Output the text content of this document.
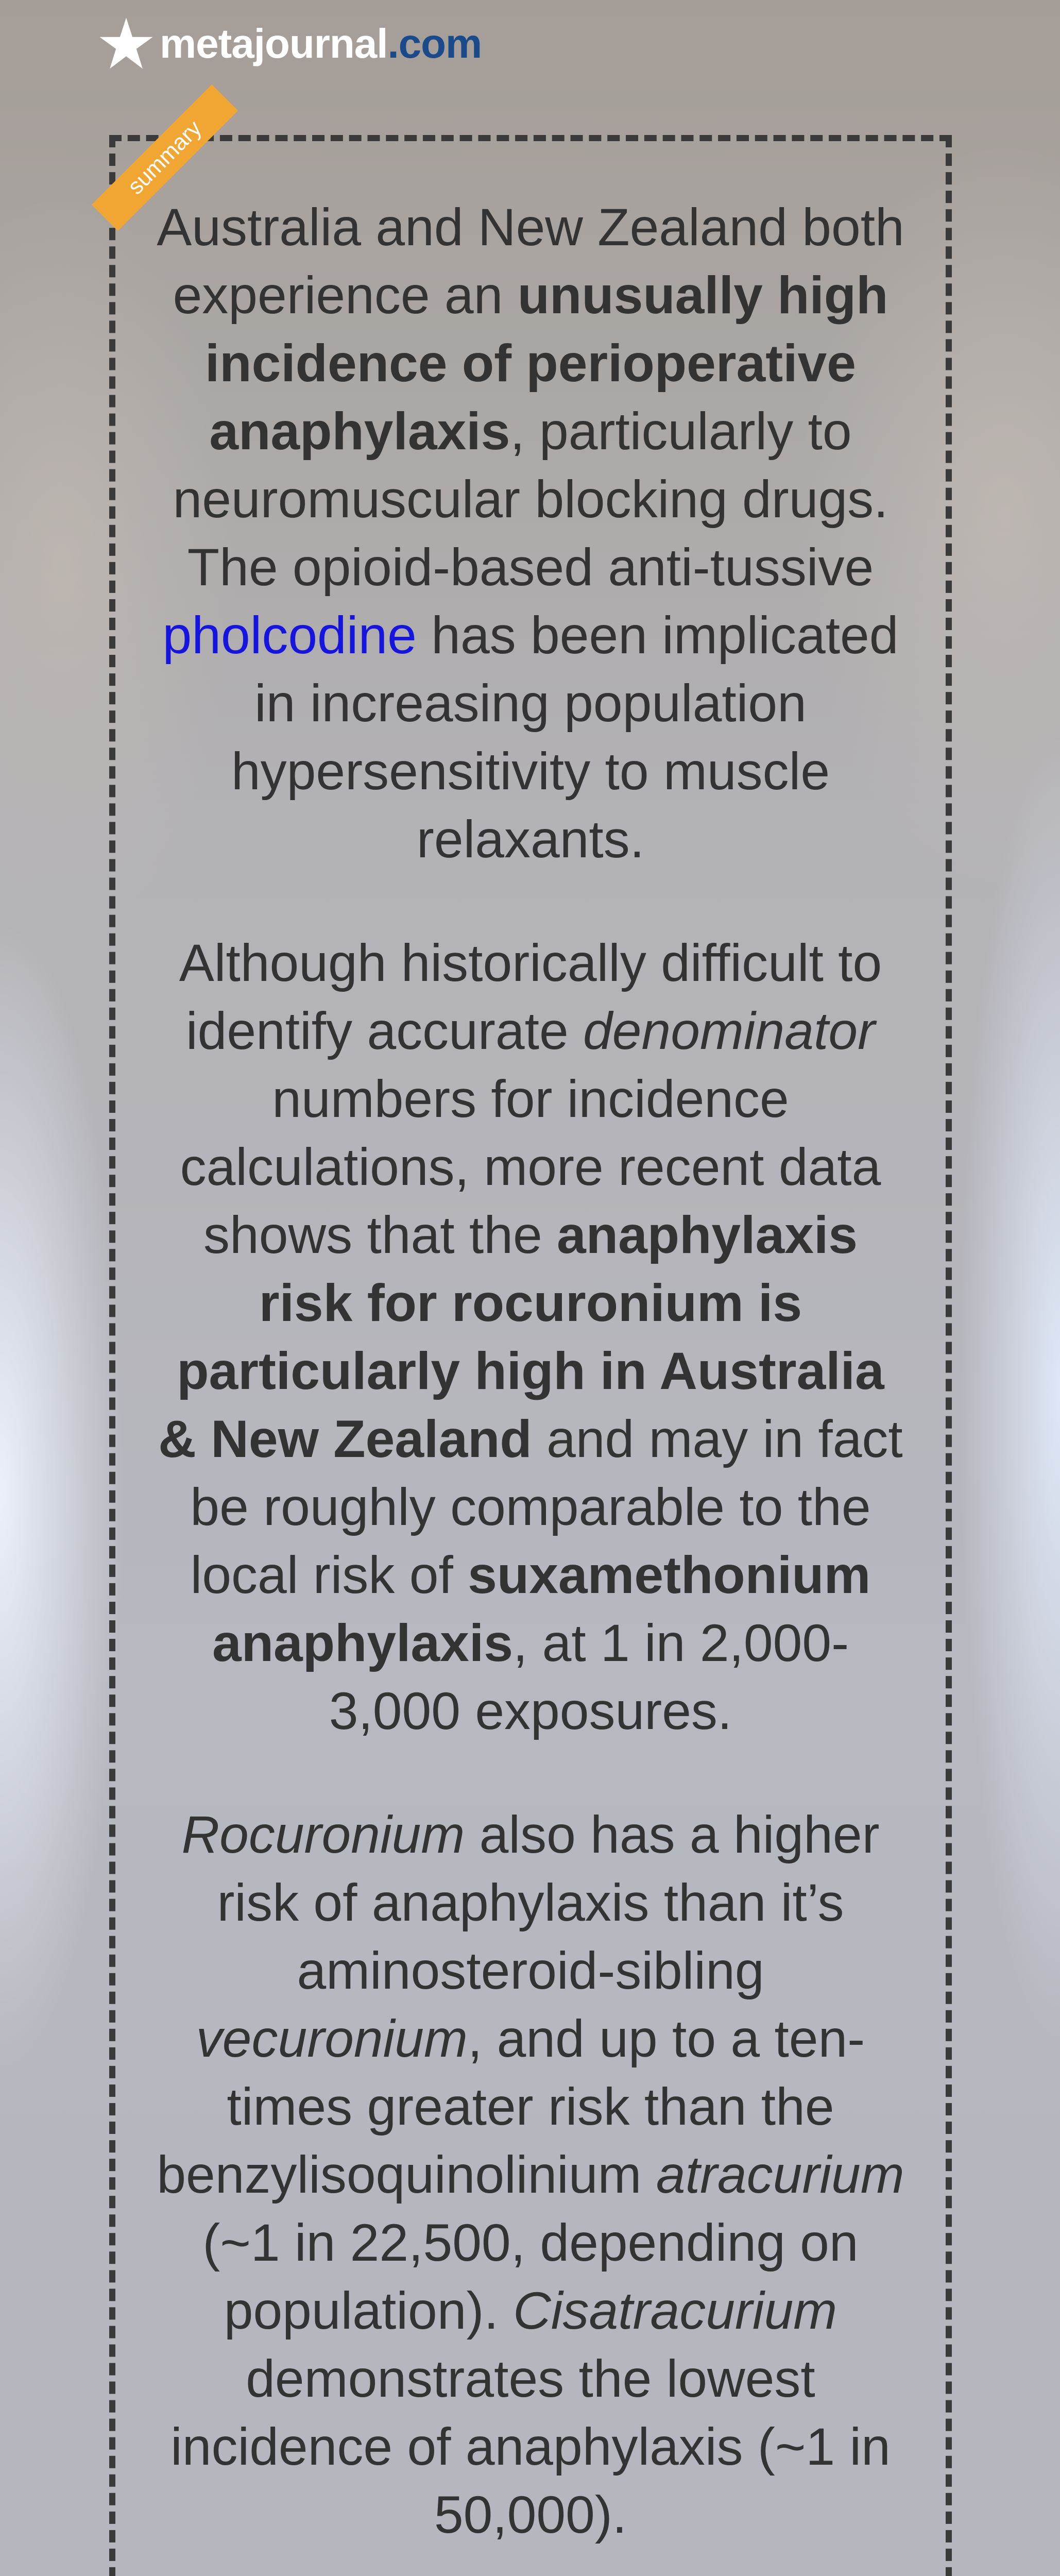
metajournal .com
summary

Australia and New Zealand both experience an unusually high incidence of perioperative anaphylaxis, particularly to neuromuscular blocking drugs. The opioid-based anti-tussive pholcodine has been implicated in increasing population hypersensitivity to muscle relaxants.

Although historically difficult to identify accurate denominator numbers for incidence calculations, more recent data shows that the anaphylaxis risk for rocuronium is particularly high in Australia & New Zealand and may in fact be roughly comparable to the local risk of suxamethonium anaphylaxis, at 1 in 2,000-3,000 exposures.

Rocuronium also has a higher risk of anaphylaxis than it’s aminosteroid-sibling vecuronium, and up to a ten-times greater risk than the benzylisoquinolinium atracurium (~1 in 22,500, depending on population). Cisatracurium demonstrates the lowest incidence of anaphylaxis (~1 in 50,000).
